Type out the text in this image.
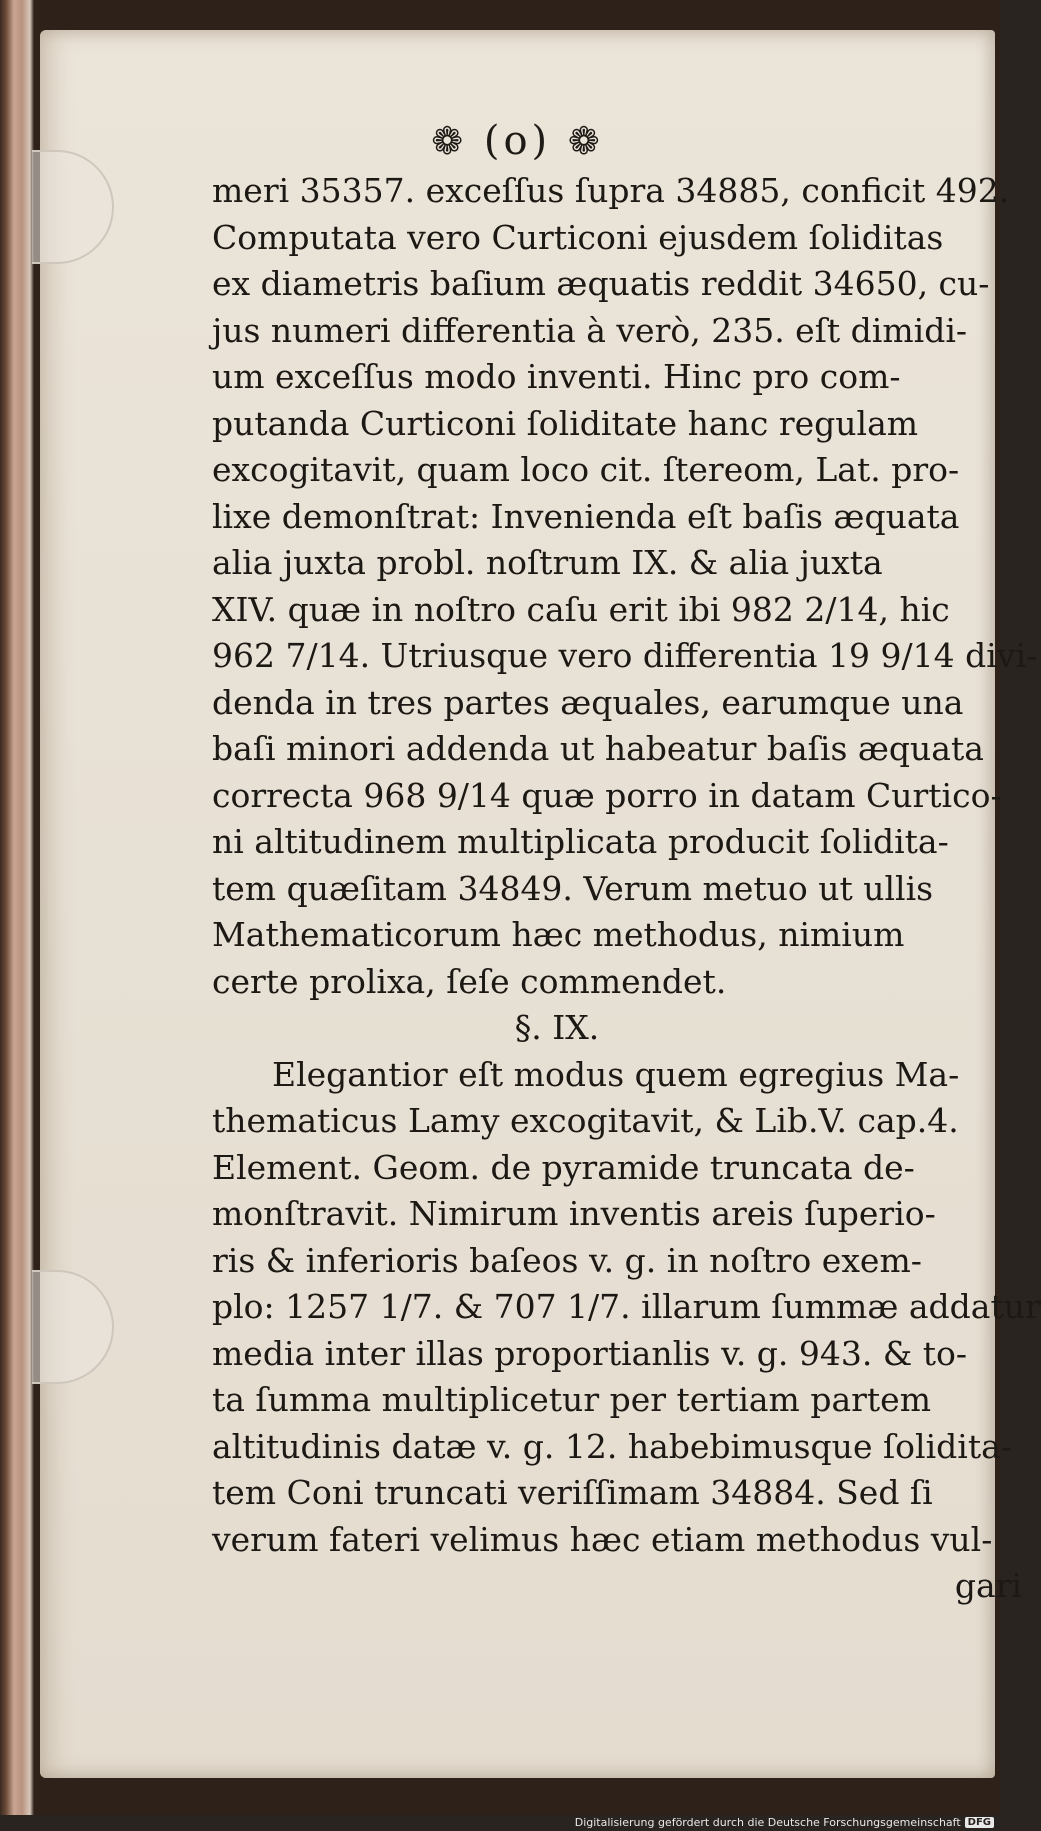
❁ (o) ❁
meri 35357. exceſſus ſupra 34885, conficit 492.
Computata vero Curticoni ejusdem ſoliditas
ex diametris baſium æquatis reddit 34650, cu-
jus numeri differentia à verò, 235. eſt dimidi-
um exceſſus modo inventi. Hinc pro com-
putanda Curticoni ſoliditate hanc regulam
excogitavit, quam loco cit. ſtereom, Lat. pro-
lixe demonſtrat: Invenienda eſt baſis æquata
alia juxta probl. noſtrum IX. & alia juxta
XIV. quæ in noſtro caſu erit ibi 982 2/14, hic
962 7/14. Utriusque vero differentia 19 9/14 divi-
denda in tres partes æquales, earumque una
baſi minori addenda ut habeatur baſis æquata
correcta 968 9/14 quæ porro in datam Curtico-
ni altitudinem multiplicata producit ſolidita-
tem quæſitam 34849. Verum metuo ut ullis
Mathematicorum hæc methodus, nimium
certe prolixa, ſeſe commendet.
§. IX.
Elegantior eſt modus quem egregius Ma-
thematicus Lamy excogitavit, & Lib.V. cap.4.
Element. Geom. de pyramide truncata de-
monſtravit. Nimirum inventis areis ſuperio-
ris & inferioris baſeos v. g. in noſtro exem-
plo: 1257 1/7. & 707 1/7. illarum ſummæ addatur
media inter illas proportianlis v. g. 943. & to-
ta ſumma multiplicetur per tertiam partem
altitudinis datæ v. g. 12. habebimusque ſolidita-
tem Coni truncati veriſſimam 34884. Sed ſi
verum fateri velimus hæc etiam methodus vul-
gari
Digitalisierung gefördert durch die Deutsche Forschungsgemeinschaft DFG
